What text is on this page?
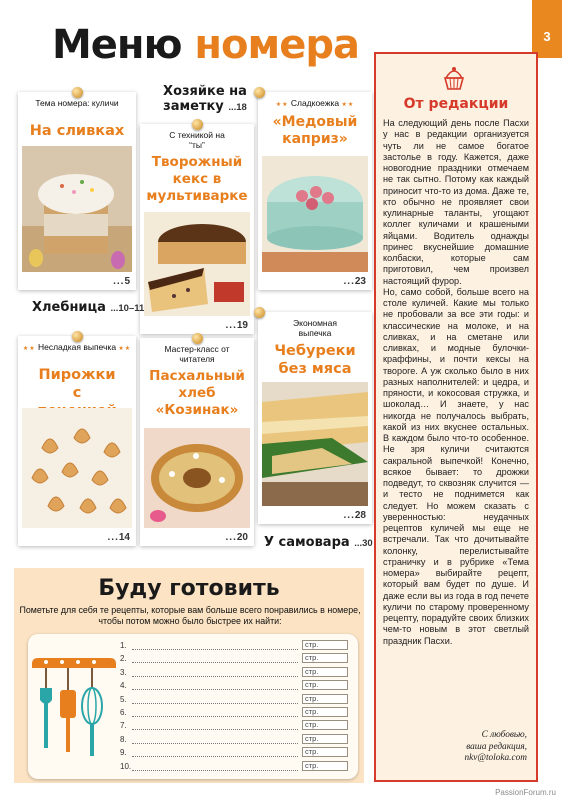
3
Меню номера
Тема номера: куличи
На сливках
...5
Хозяйке на заметку ...18
С техникой на “ты”
Творожный кекс в мультиварке
...19
★★ Сладкоежка ★★
«Медовый каприз»
...23
Хлебница ...10–11
★★ Несладкая выпечка ★★
Пирожки с
...14
Мастер-класс от читателя
Пасхальный хлеб «Козинак»
...20
Экономная выпечка
Чебуреки без мяса
...28
У самовара ...30
От редакции
На следующий день после Пасхи у нас в редакции организуется чуть ли не самое богатое застолье в году. Кажется, даже новогодние праздники отмечаем не так сытно. Потому как каждый приносит что-то из дома. Даже те, кто обычно не проявляет свои кулинарные таланты, угощают коллег куличами и крашеными яйцами. Водитель однажды принес вкуснейшие домашние колбаски, которые сам приготовил, чем произвел настоящий фурор.
Но, само собой, больше всего на столе куличей. Какие мы только не пробовали за все эти годы: и классические на молоке, и на сливках, и на сметане или сливках, и модные булочки-краффины, и почти кексы на твороге. А уж сколько было в них разных наполнителей: и цедра, и пряности, и кокосовая стружка, и шоколад… И знаете, у нас никогда не получалось выбрать, какой из них вкуснее остальных. В каждом было что-то особенное. Не зря куличи считаются сакральной выпечкой! Конечно, всякое бывает: то дрожжи подведут, то сквозняк случится — и тесто не поднимется как следует. Но можем сказать с уверенностью: неудачных рецептов куличей мы еще не встречали. Так что дочитывайте колонку, перелистывайте страничку и в рубрике «Тема номера» выбирайте рецепт, который вам будет по душе. И даже если вы из года в год печете куличи по старому проверенному рецепту, порадуйте своих близких чем-то новым в этот светлый праздник Пасхи.
С любовью,
ваша редакция,
nkv@toloka.com
Буду готовить
Пометьте для себя те рецепты, которые вам больше всего понравились в номере, чтобы потом можно было быстрее их найти:
1.	стр.
2.	стр.
3.	стр.
4.	стр.
5.	стр.
6.	стр.
7.	стр.
8.	стр.
9.	стр.
10.	стр.
PassionForum.ru
